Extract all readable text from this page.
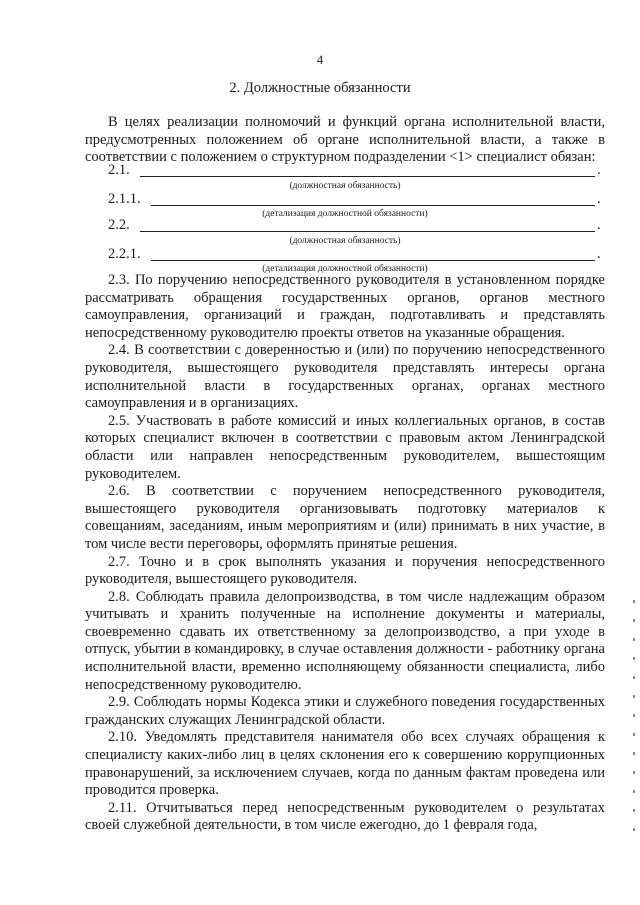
4
2. Должностные обязанности

В целях реализации полномочий и функций органа исполнительной власти, предусмотренных положением об органе исполнительной власти, а также в соответствии с положением о структурном подразделении <1> специалист обязан:

2.1.	.
(должностная обязанность)
2.1.1.	.
(детализация должностной обязанности)
2.2.	.
(должностная обязанность)
2.2.1.	.
(детализация должностной обязанности)

2.3. По поручению непосредственного руководителя в установленном порядке рассматривать обращения государственных органов, органов местного самоуправления, организаций и граждан, подготавливать и представлять непосредственному руководителю проекты ответов на указанные обращения.

2.4. В соответствии с доверенностью и (или) по поручению непосредственного руководителя, вышестоящего руководителя представлять интересы органа исполнительной власти в государственных органах, органах местного самоуправления и в организациях.

2.5. Участвовать в работе комиссий и иных коллегиальных органов, в состав которых специалист включен в соответствии с правовым актом Ленинградской области или направлен непосредственным руководителем, вышестоящим руководителем.

2.6. В соответствии с поручением непосредственного руководителя, вышестоящего руководителя организовывать подготовку материалов к совещаниям, заседаниям, иным мероприятиям и (или) принимать в них участие, в том числе вести переговоры, оформлять принятые решения.

2.7. Точно и в срок выполнять указания и поручения непосредственного руководителя, вышестоящего руководителя.

2.8. Соблюдать правила делопроизводства, в том числе надлежащим образом учитывать и хранить полученные на исполнение документы и материалы, своевременно сдавать их ответственному за делопроизводство, а при уходе в отпуск, убытии в командировку, в случае оставления должности - работнику органа исполнительной власти, временно исполняющему обязанности специалиста, либо непосредственному руководителю.

2.9. Соблюдать нормы Кодекса этики и служебного поведения государственных гражданских служащих Ленинградской области.

2.10. Уведомлять представителя нанимателя обо всех случаях обращения к специалисту каких-либо лиц в целях склонения его к совершению коррупционных правонарушений, за исключением случаев, когда по данным фактам проведена или проводится проверка.

2.11. Отчитываться перед непосредственным руководителем о результатах своей служебной деятельности, в том числе ежегодно, до 1 февраля года,
